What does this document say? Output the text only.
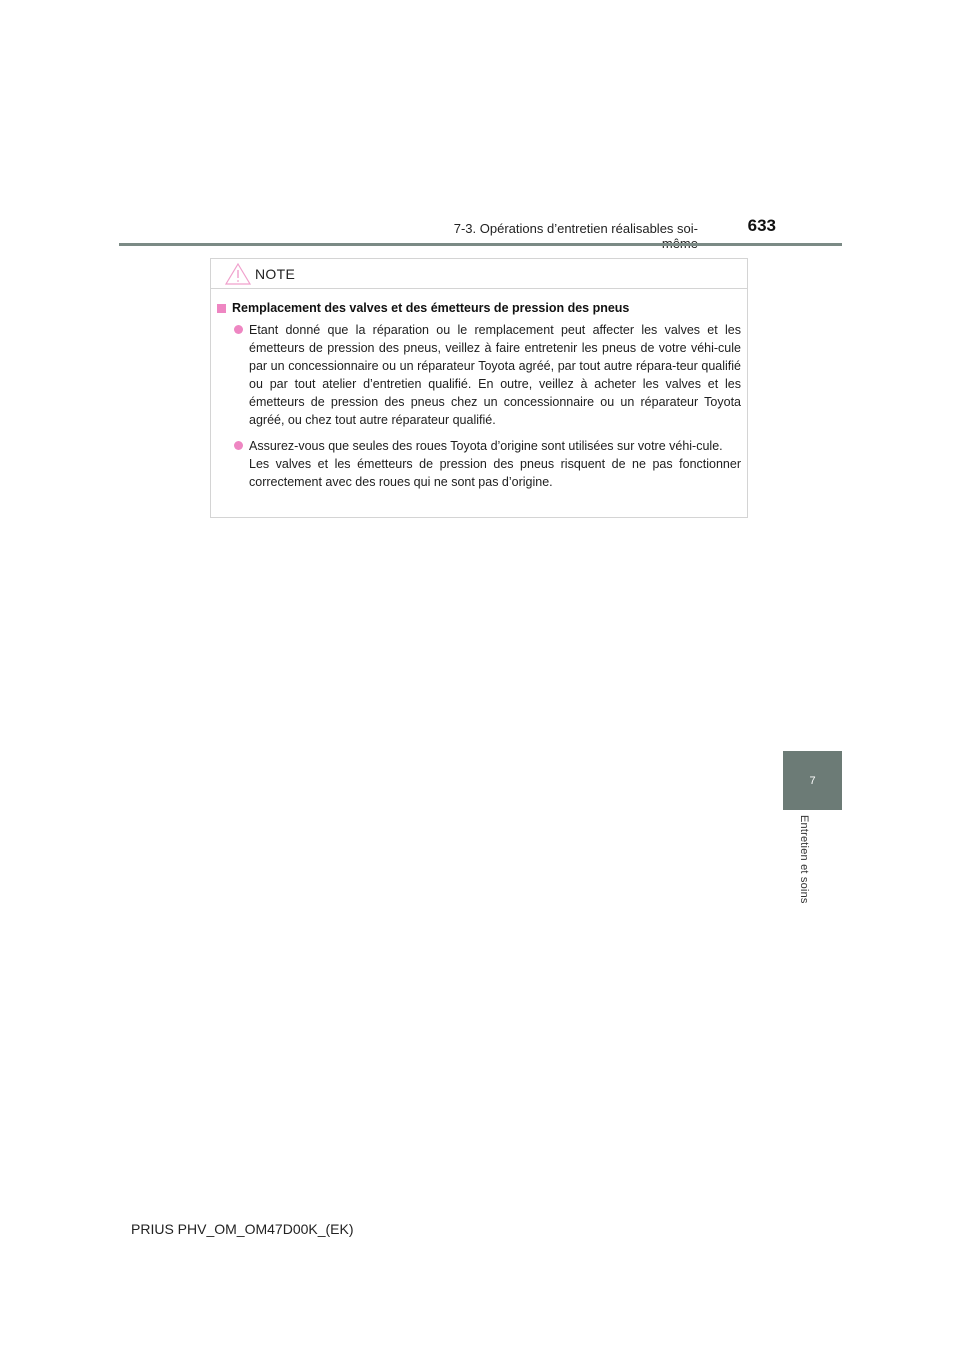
7-3. Opérations d’entretien réalisables soi-	633
7
Entretien et soins
NOTE
Remplacement des valves et des émetteurs de pression des pneus

Etant donné que la réparation ou le remplacement peut affecter les valves et les émetteurs de pression des pneus, veillez à faire entretenir les pneus de votre véhi-cule par un concessionnaire ou un réparateur Toyota agréé, par tout autre répara-teur qualifié ou par tout atelier d’entretien qualifié. En outre, veillez à acheter les valves et les émetteurs de pression des pneus chez un concessionnaire ou un réparateur Toyota agréé, ou chez tout autre réparateur qualifié.

Assurez-vous que seules des roues Toyota d’origine sont utilisées sur votre véhi-cule.

Les valves et les émetteurs de pression des pneus risquent de ne pas fonctionner correctement avec des roues qui ne sont pas d’origine.

PRIUS PHV_OM_OM47D00K_(EK)
